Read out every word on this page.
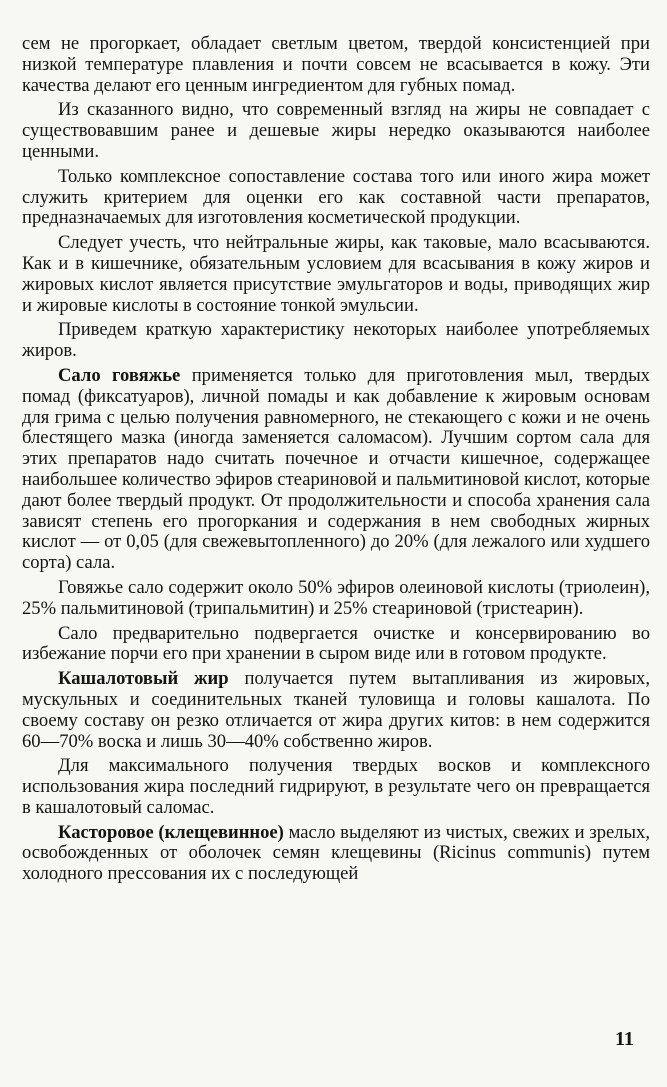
сем не прогоркает, обладает светлым цветом, твердой консистенцией при низкой температуре плавления и почти совсем не всасывается в кожу. Эти качества делают его ценным ингредиентом для губных помад.

Из сказанного видно, что современный взгляд на жиры не совпадает с существовавшим ранее и дешевые жиры нередко оказываются наиболее ценными.

Только комплексное сопоставление состава того или иного жира может служить критерием для оценки его как составной части препаратов, предназначаемых для изготовления косметической продукции.

Следует учесть, что нейтральные жиры, как таковые, мало всасываются. Как и в кишечнике, обязательным условием для всасывания в кожу жиров и жировых кислот является присутствие эмульгаторов и воды, приводящих жир и жировые кислоты в состояние тонкой эмульсии.

Приведем краткую характеристику некоторых наиболее употребляемых жиров.

Сало говяжье применяется только для приготовления мыл, твердых помад (фиксатуаров), личной помады и как добавление к жировым основам для грима с целью получения равномерного, не стекающего с кожи и не очень блестящего мазка (иногда заменяется саломасом). Лучшим сортом сала для этих препаратов надо считать почечное и отчасти кишечное, содержащее наибольшее количество эфиров стеариновой и пальмитиновой кислот, которые дают более твердый продукт. От продолжительности и способа хранения сала зависят степень его прогоркания и содержания в нем свободных жирных кислот — от 0,05 (для свежевытопленного) до 20% (для лежалого или худшего сорта) сала.

Говяжье сало содержит около 50% эфиров олеиновой кислоты (триолеин), 25% пальмитиновой (трипальмитин) и 25% стеариновой (тристеарин).

Сало предварительно подвергается очистке и консервированию во избежание порчи его при хранении в сыром виде или в готовом продукте.

Кашалотовый жир получается путем вытапливания из жировых, мускульных и соединительных тканей туловища и головы кашалота. По своему составу он резко отличается от жира других китов: в нем содержится 60—70% воска и лишь 30—40% собственно жиров.

Для максимального получения твердых восков и комплексного использования жира последний гидрируют, в результате чего он превращается в кашалотовый саломас.

Касторовое (клещевинное) масло выделяют из чистых, свежих и зрелых, освобожденных от оболочек семян клещевины (Ricinus communis) путем холодного прессования их с последующей

11
